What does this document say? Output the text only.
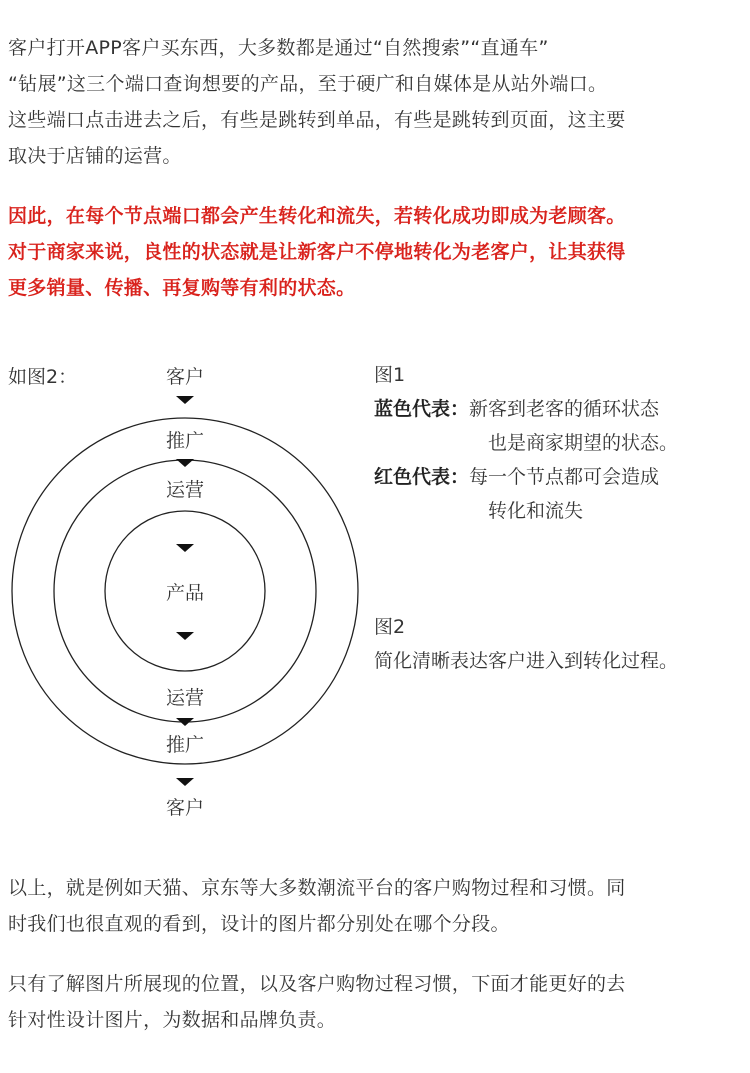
客户打开APP客户买东西，大多数都是通过“自然搜索”“直通车”
“钻展”这三个端口查询想要的产品，至于硬广和自媒体是从站外端口。
这些端口点击进去之后，有些是跳转到单品，有些是跳转到页面，这主要
取决于店铺的运营。
因此，在每个节点端口都会产生转化和流失，若转化成功即成为老顾客。
对于商家来说，良性的状态就是让新客户不停地转化为老客户，让其获得
更多销量、传播、再复购等有利的状态。
如图2：	客户
推广
运营
产品
运营
推广
客户
图1
蓝色代表：新客到老客的循环状态
也是商家期望的状态。
红色代表：每一个节点都可会造成
转化和流失
图2
简化清晰表达客户进入到转化过程。
以上，就是例如天猫、京东等大多数潮流平台的客户购物过程和习惯。同
时我们也很直观的看到，设计的图片都分别处在哪个分段。
只有了解图片所展现的位置，以及客户购物过程习惯，下面才能更好的去
针对性设计图片，为数据和品牌负责。
